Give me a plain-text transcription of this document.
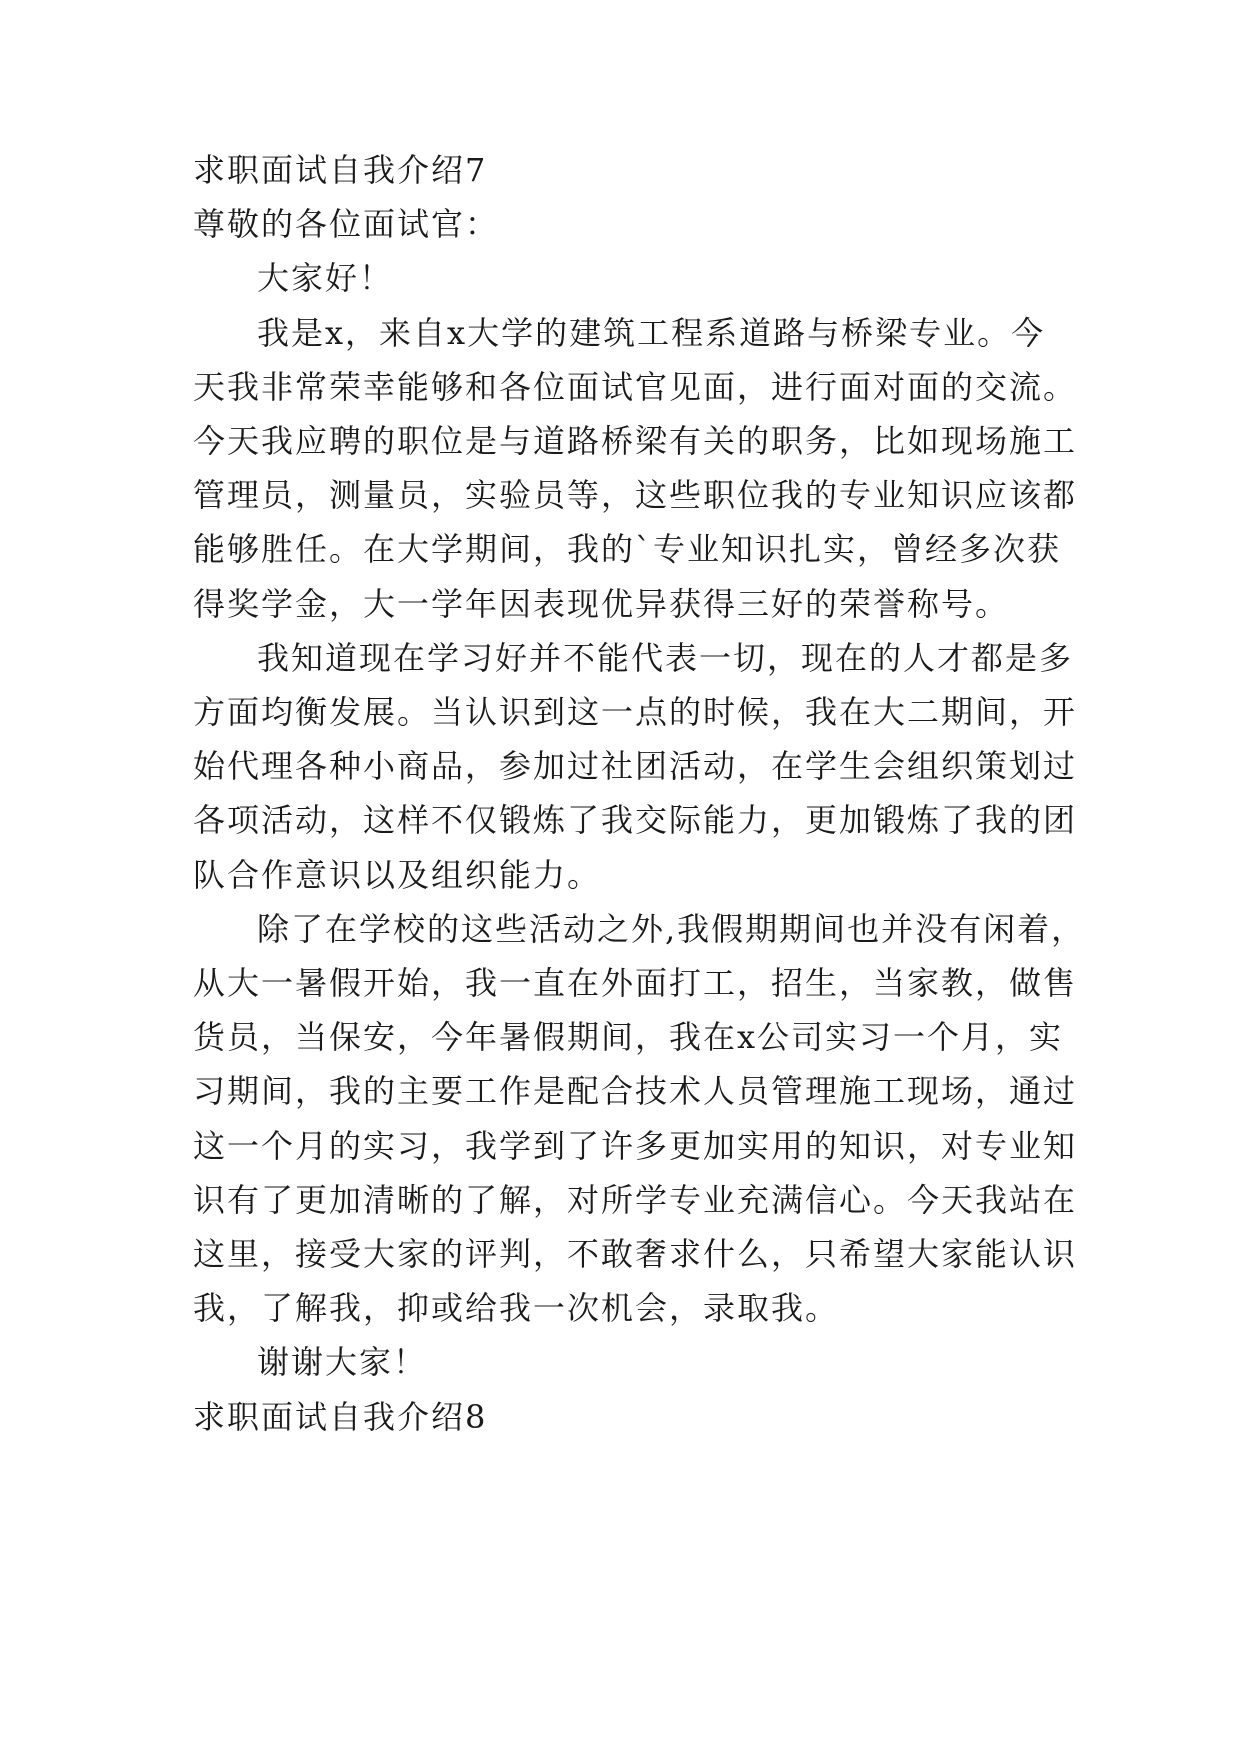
求职面试自我介绍7
尊敬的各位面试官：
大家好！
我是x，来自x大学的建筑工程系道路与桥梁专业。今
天我非常荣幸能够和各位面试官见面，进行面对面的交流。
今天我应聘的职位是与道路桥梁有关的职务，比如现场施工
管理员，测量员，实验员等，这些职位我的专业知识应该都
能够胜任。在大学期间，我的`专业知识扎实，曾经多次获
得奖学金，大一学年因表现优异获得三好的荣誉称号。
我知道现在学习好并不能代表一切，现在的人才都是多
方面均衡发展。当认识到这一点的时候，我在大二期间，开
始代理各种小商品，参加过社团活动，在学生会组织策划过
各项活动，这样不仅锻炼了我交际能力，更加锻炼了我的团
队合作意识以及组织能力。
除了在学校的这些活动之外,我假期期间也并没有闲着，
从大一暑假开始，我一直在外面打工，招生，当家教，做售
货员，当保安，今年暑假期间，我在x公司实习一个月，实
习期间，我的主要工作是配合技术人员管理施工现场，通过
这一个月的实习，我学到了许多更加实用的知识，对专业知
识有了更加清晰的了解，对所学专业充满信心。今天我站在
这里，接受大家的评判，不敢奢求什么，只希望大家能认识
我，了解我，抑或给我一次机会，录取我。
谢谢大家！
求职面试自我介绍8
